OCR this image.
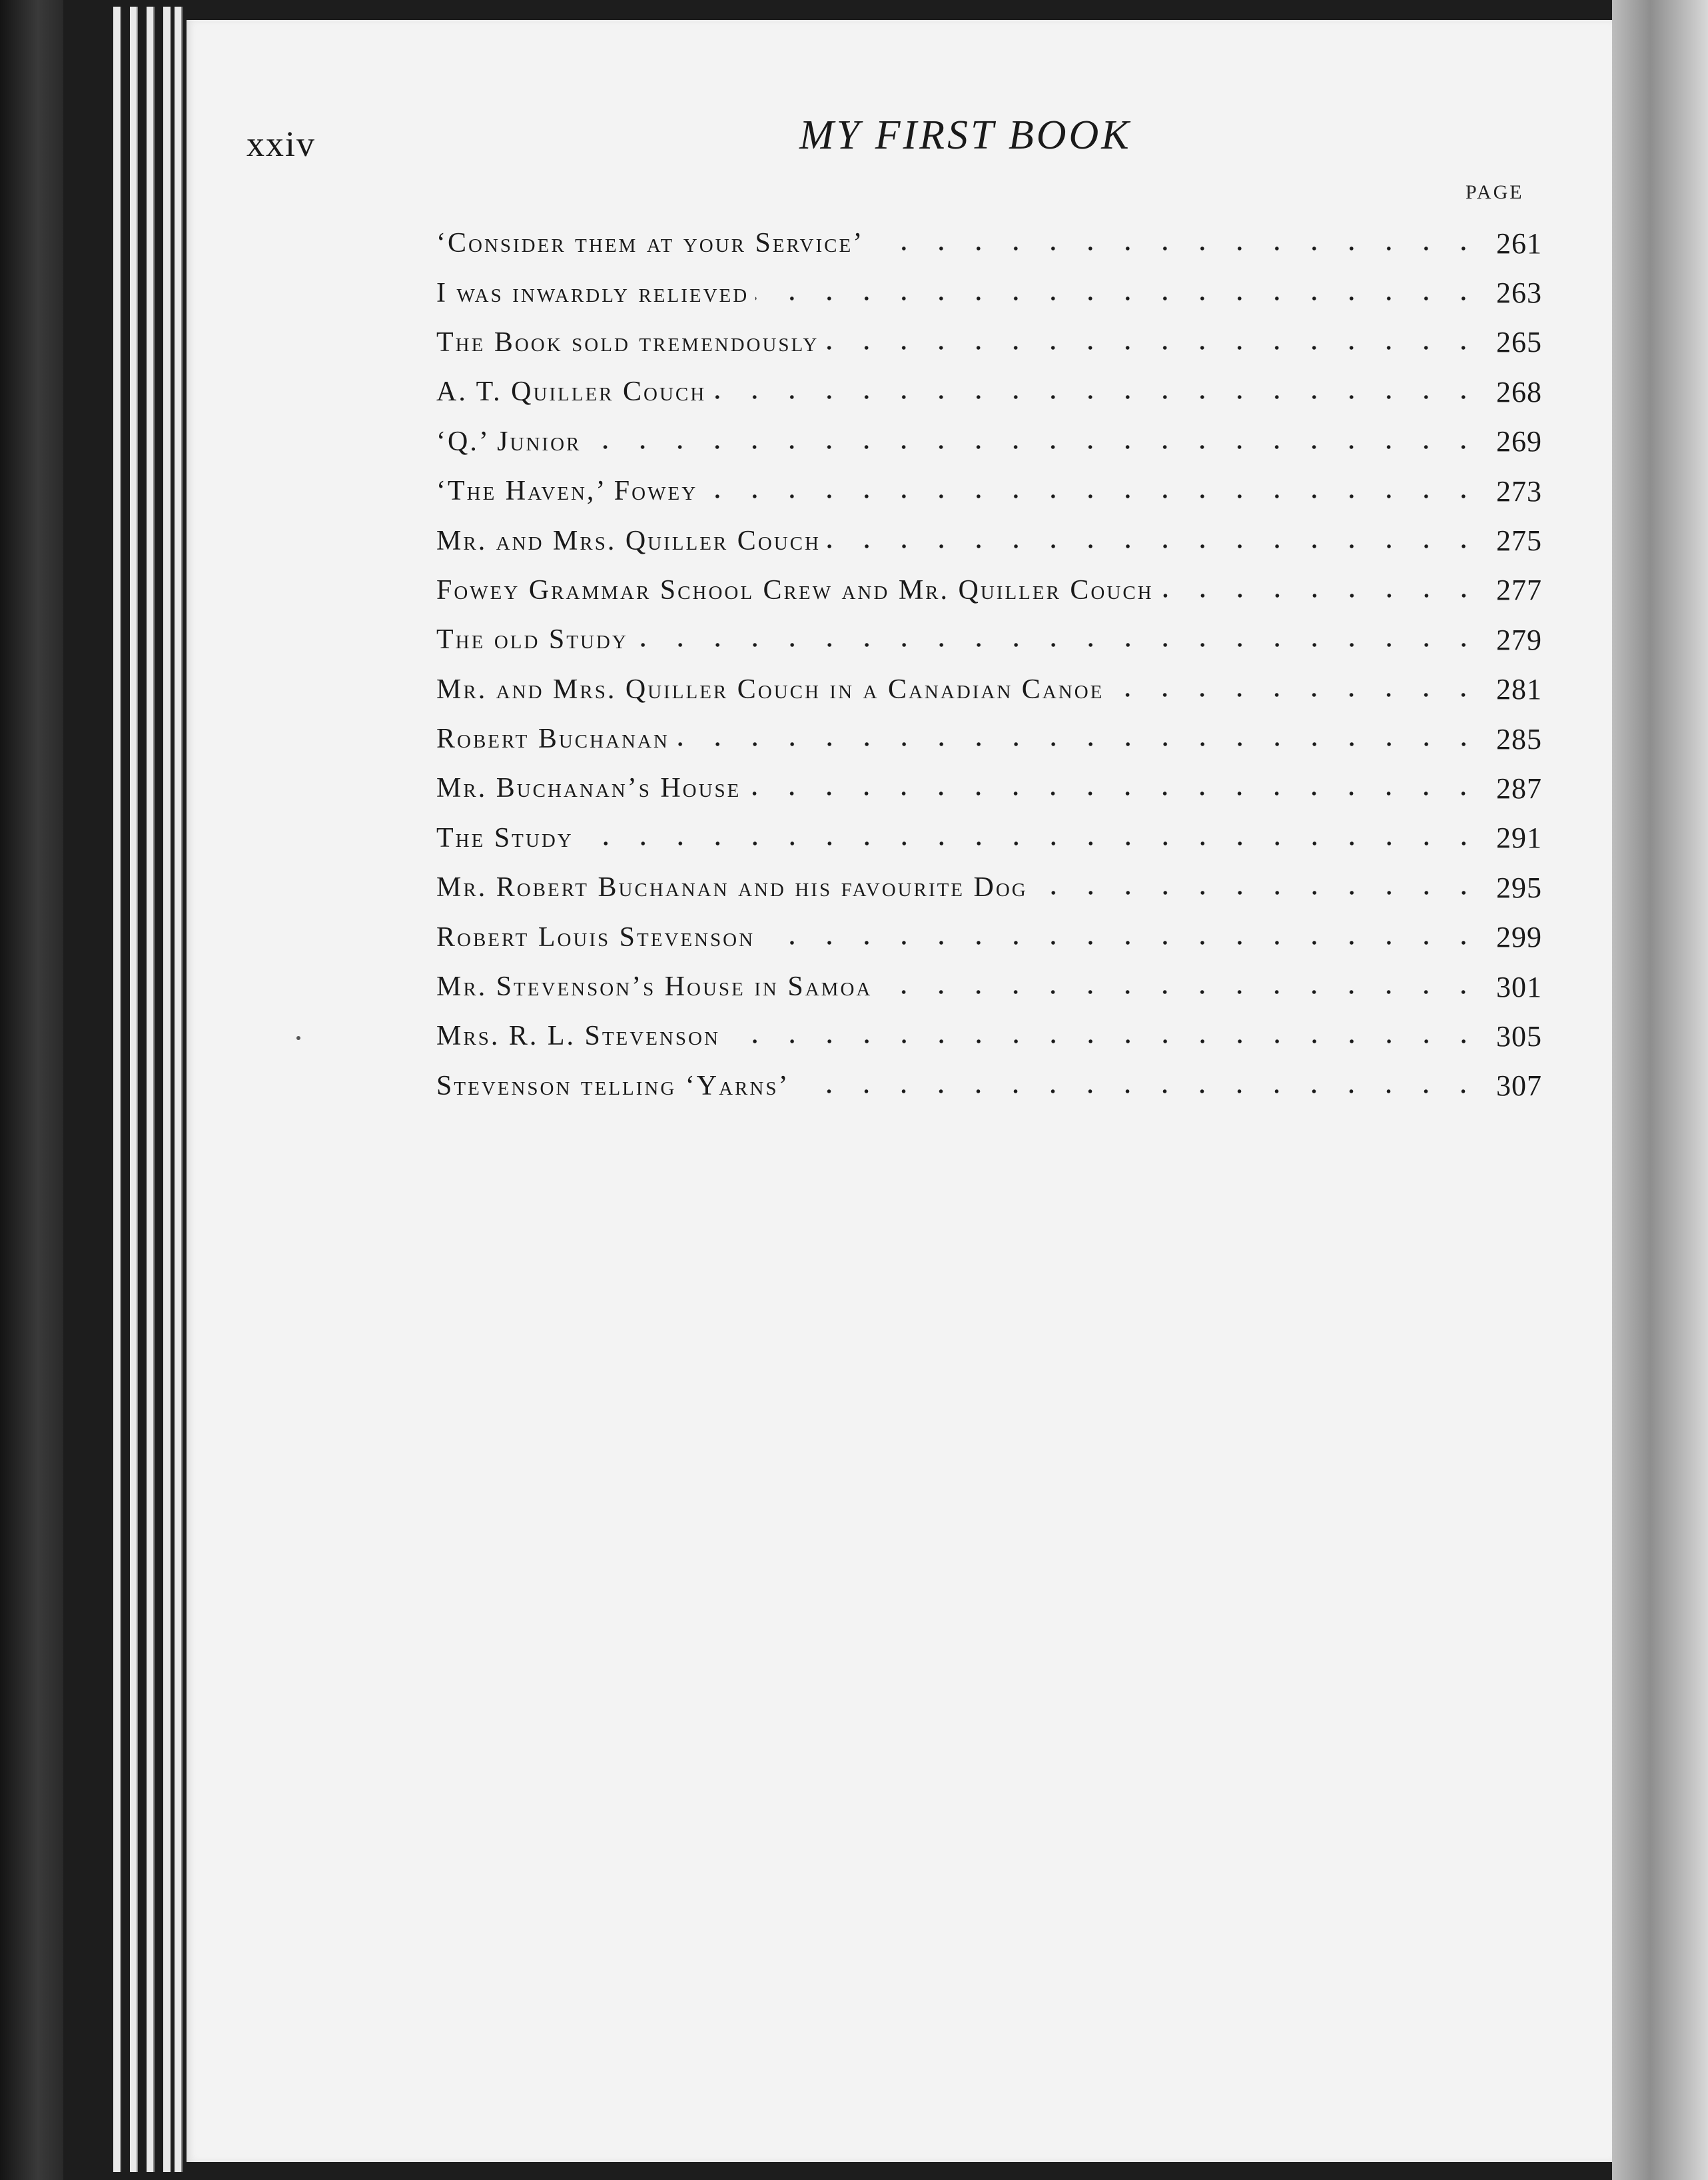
xxiv	MY FIRST BOOK
PAGE
‘Consider them at your Service’	261
I was inwardly relieved	263
The Book sold tremendously	265
A. T. Quiller Couch	268
‘Q.’ Junior	269
‘The Haven,’ Fowey	273
Mr. and Mrs. Quiller Couch	275
Fowey Grammar School Crew and Mr. Quiller Couch	277
The old Study	279
Mr. and Mrs. Quiller Couch in a Canadian Canoe	281
Robert Buchanan	285
Mr. Buchanan’s House	287
The Study	291
Mr. Robert Buchanan and his favourite Dog	295
Robert Louis Stevenson	299
Mr. Stevenson’s House in Samoa	301
Mrs. R. L. Stevenson	305
Stevenson telling ‘Yarns’	307
